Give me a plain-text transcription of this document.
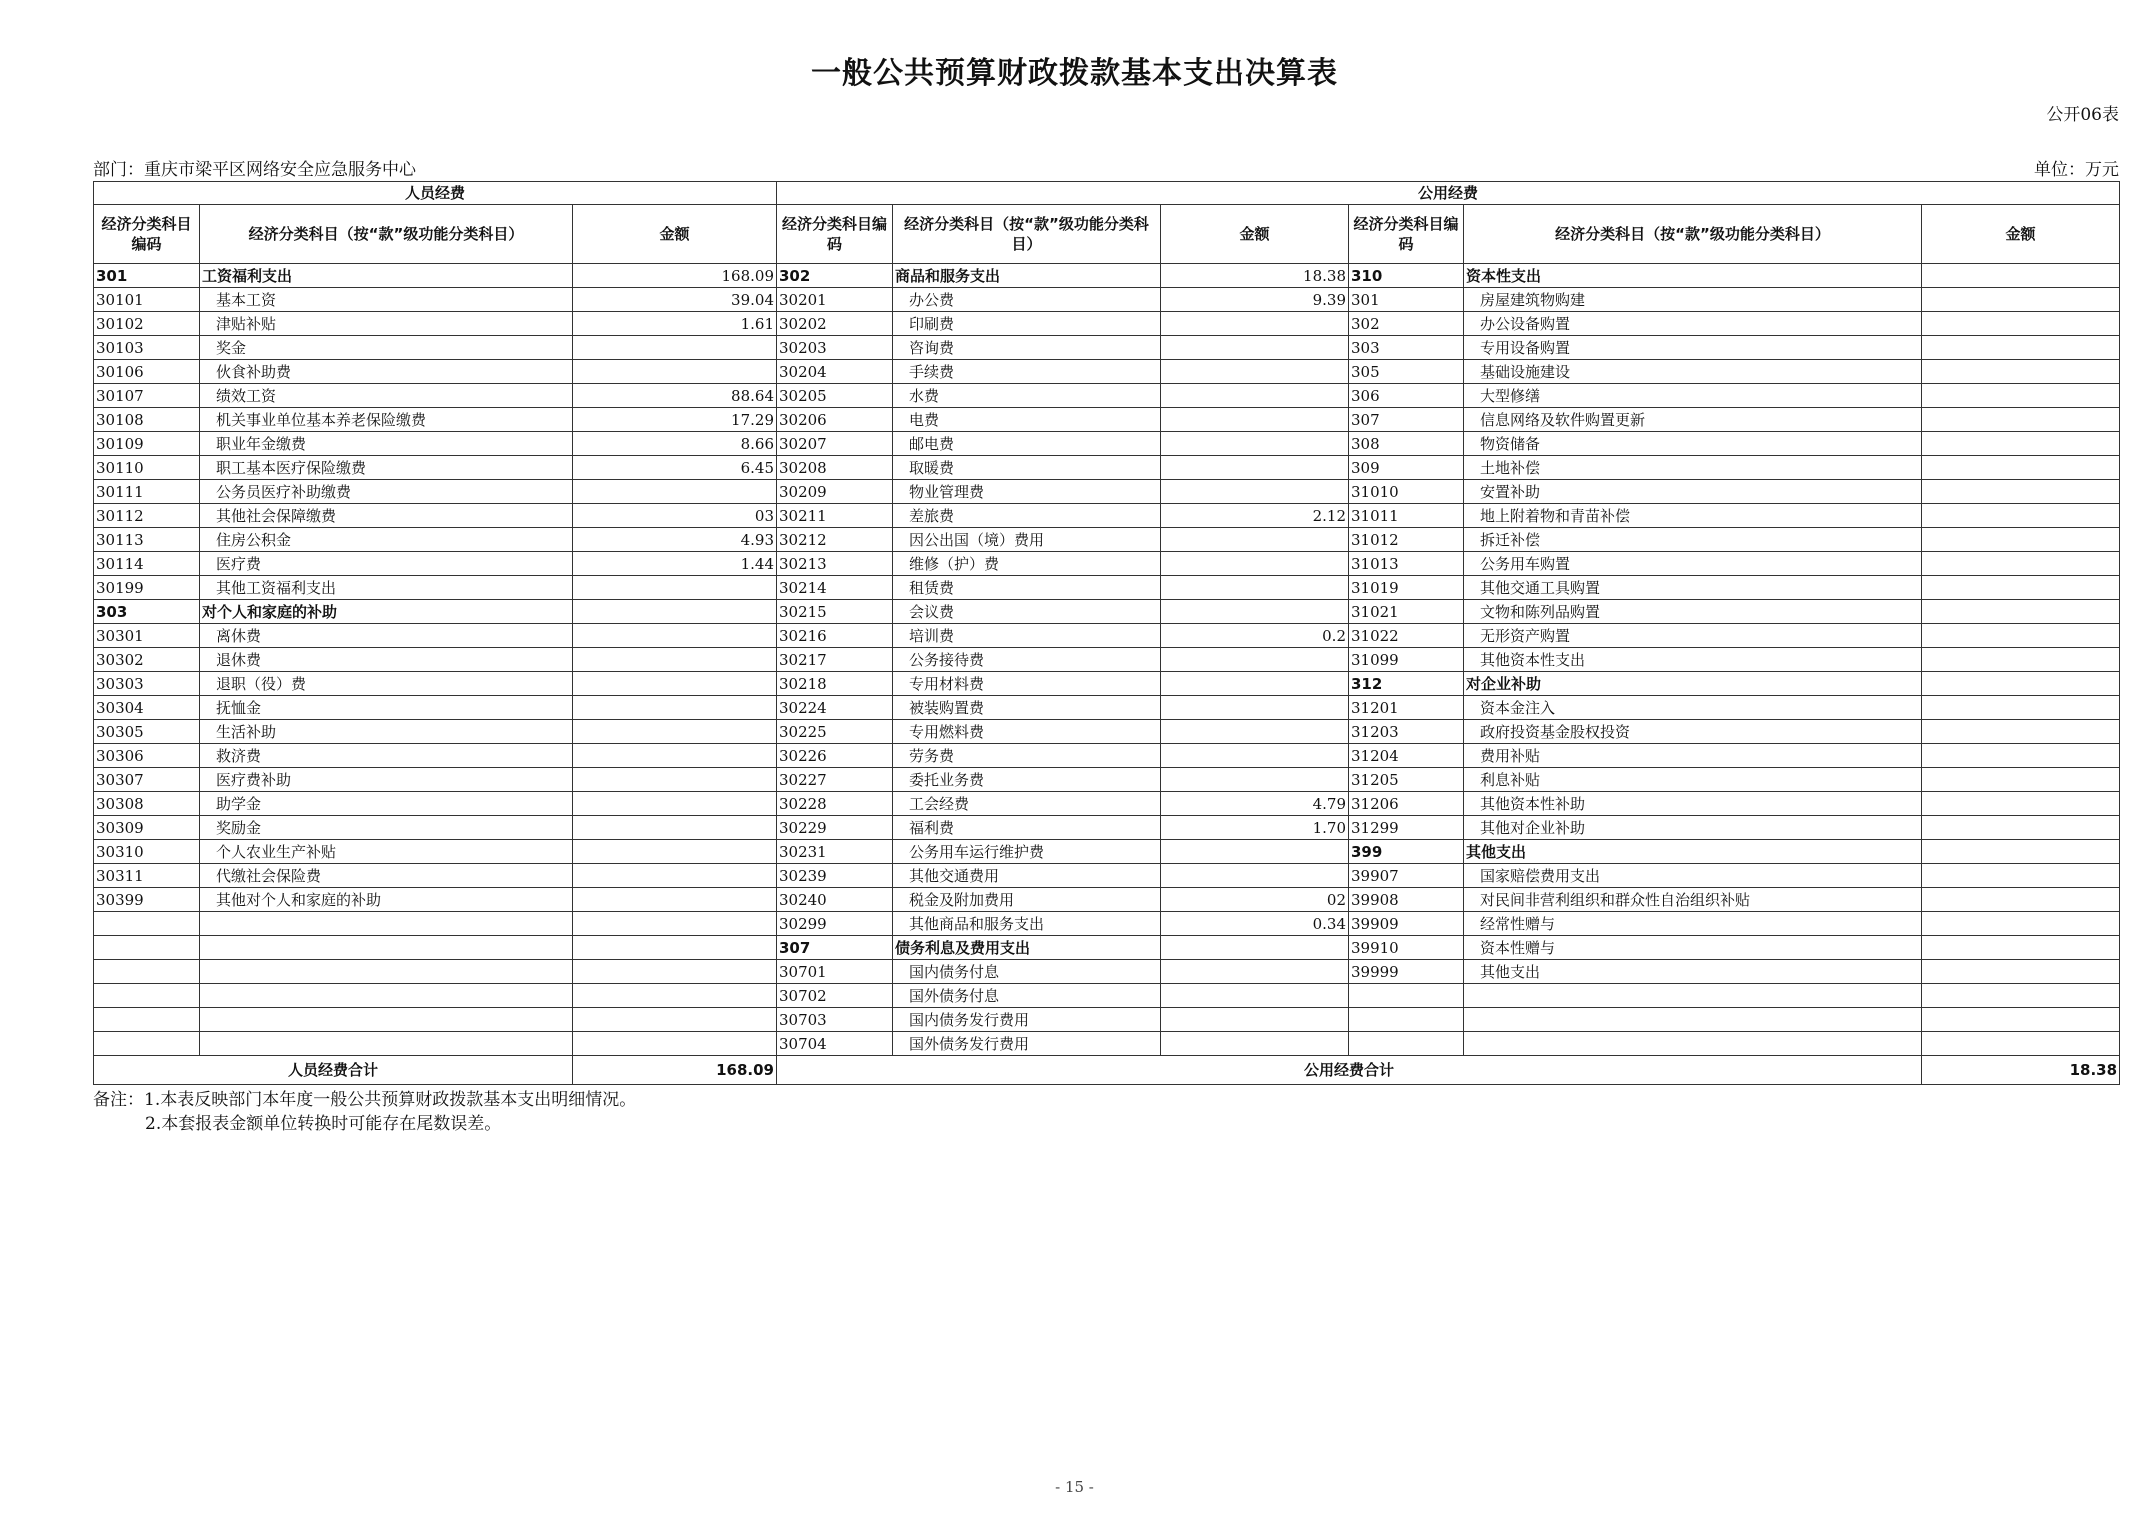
一般公共预算财政拨款基本支出决算表
公开06表
部门：重庆市梁平区网络安全应急服务中心	单位：万元
人员经费			公用经费					
经济分类科目编码	经济分类科目（按“款”级功能分类科目）	金额	经济分类科目编码	经济分类科目（按“款”级功能分类科目）	金额	经济分类科目编码	经济分类科目（按“款”级功能分类科目）	金额
301	工资福利支出	168.09	302	商品和服务支出	18.38	310	资本性支出	
30101	基本工资	39.04	30201	办公费	9.39	301	房屋建筑物购建	
30102	津贴补贴	1.61	30202	印刷费		302	办公设备购置	
30103	奖金		30203	咨询费		303	专用设备购置	
30106	伙食补助费		30204	手续费		305	基础设施建设	
30107	绩效工资	88.64	30205	水费		306	大型修缮	
30108	机关事业单位基本养老保险缴费	17.29	30206	电费		307	信息网络及软件购置更新	
30109	职业年金缴费	8.66	30207	邮电费		308	物资储备	
30110	职工基本医疗保险缴费	6.45	30208	取暖费		309	土地补偿	
30111	公务员医疗补助缴费		30209	物业管理费		31010	安置补助	
30112	其他社会保障缴费	03	30211	差旅费	2.12	31011	地上附着物和青苗补偿	
30113	住房公积金	4.93	30212	因公出国（境）费用		31012	拆迁补偿	
30114	医疗费	1.44	30213	维修（护）费		31013	公务用车购置	
30199	其他工资福利支出		30214	租赁费		31019	其他交通工具购置	
303	对个人和家庭的补助		30215	会议费		31021	文物和陈列品购置	
30301	离休费		30216	培训费	0.2	31022	无形资产购置	
30302	退休费		30217	公务接待费		31099	其他资本性支出	
30303	退职（役）费		30218	专用材料费		312	对企业补助	
30304	抚恤金		30224	被装购置费		31201	资本金注入	
30305	生活补助		30225	专用燃料费		31203	政府投资基金股权投资	
30306	救济费		30226	劳务费		31204	费用补贴	
30307	医疗费补助		30227	委托业务费		31205	利息补贴	
30308	助学金		30228	工会经费	4.79	31206	其他资本性补助	
30309	奖励金		30229	福利费	1.70	31299	其他对企业补助	
30310	个人农业生产补贴		30231	公务用车运行维护费		399	其他支出	
30311	代缴社会保险费		30239	其他交通费用		39907	国家赔偿费用支出	
30399	其他对个人和家庭的补助		30240	税金及附加费用	02	39908	对民间非营利组织和群众性自治组织补贴	
			30299	其他商品和服务支出	0.34	39909	经常性赠与	
			307	债务利息及费用支出		39910	资本性赠与	
			30701	国内债务付息		39999	其他支出	
			30702	国外债务付息				
			30703	国内债务发行费用				
			30704	国外债务发行费用				
人员经费合计		168.09	公用经费合计					18.38
备注：1.本表反映部门本年度一般公共预算财政拨款基本支出明细情况。
2.本套报表金额单位转换时可能存在尾数误差。
- 15 -
